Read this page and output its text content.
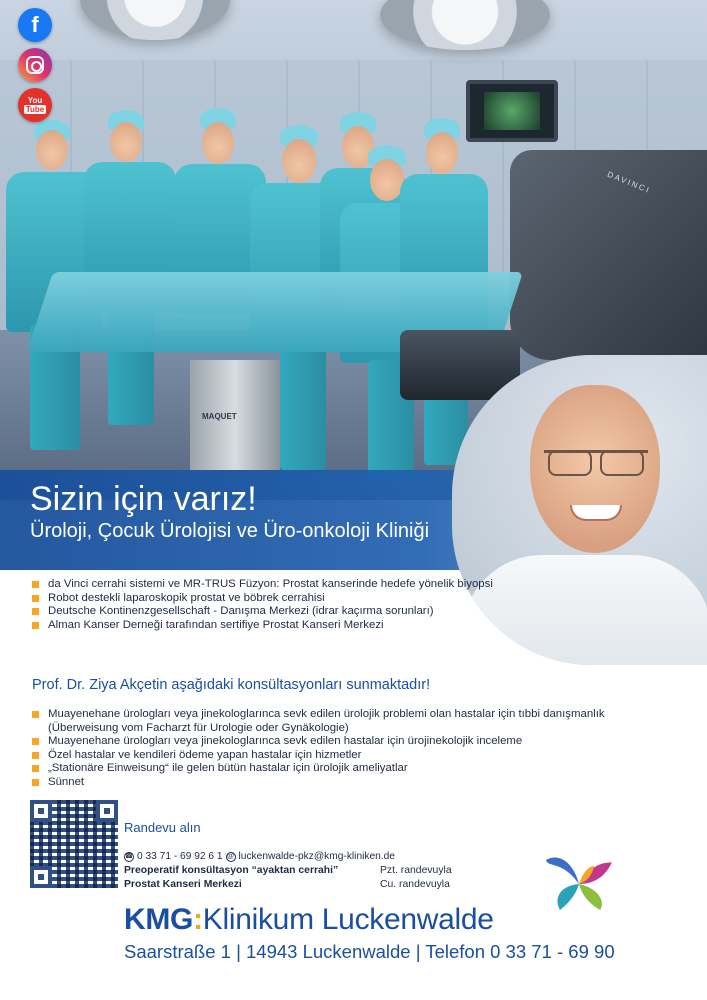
DAVINCI
MAQUET
f
You
Tube
Sizin için varız!
Üroloji, Çocuk Ürolojisi ve Üro-onkoloji Kliniği
da Vinci cerrahi sistemi ve MR-TRUS Füzyon: Prostat kanserinde hedefe yönelik biyopsi
Robot destekli laparoskopik prostat ve böbrek cerrahisi
Deutsche Kontinenzgesellschaft - Danışma Merkezi (idrar kaçırma sorunları)
Alman Kanser Derneği tarafından sertifiye Prostat Kanseri Merkezi
Prof. Dr. Ziya Akçetin aşağıdaki konsültasyonları sunmaktadır!
Muayenehane ürologları veya jinekologlarınca sevk edilen ürolojik problemi olan hastalar için tıbbi danışmanlık
(Überweisung vom Facharzt für Urologie oder Gynäkologie)
Muayenehane ürologları veya jinekologlarınca sevk edilen hastalar için ürojinekolojik inceleme
Özel hastalar ve kendileri ödeme yapan hastalar için hizmetler
„Stationäre Einweisung“ ile gelen bütün hastalar için ürolojik ameliyatlar
Sünnet
Randevu alın
☎ 0 33 71 - 69 92 6 1 @ luckenwalde-pkz@kmg-kliniken.de
Preoperatif konsültasyon “ayaktan cerrahi”	Pzt. randevuyla
Prostat Kanseri Merkezi	Cu. randevuyla
KMG:Klinikum Luckenwalde
Saarstraße 1 | 14943 Luckenwalde | Telefon 0 33 71 - 69 90
